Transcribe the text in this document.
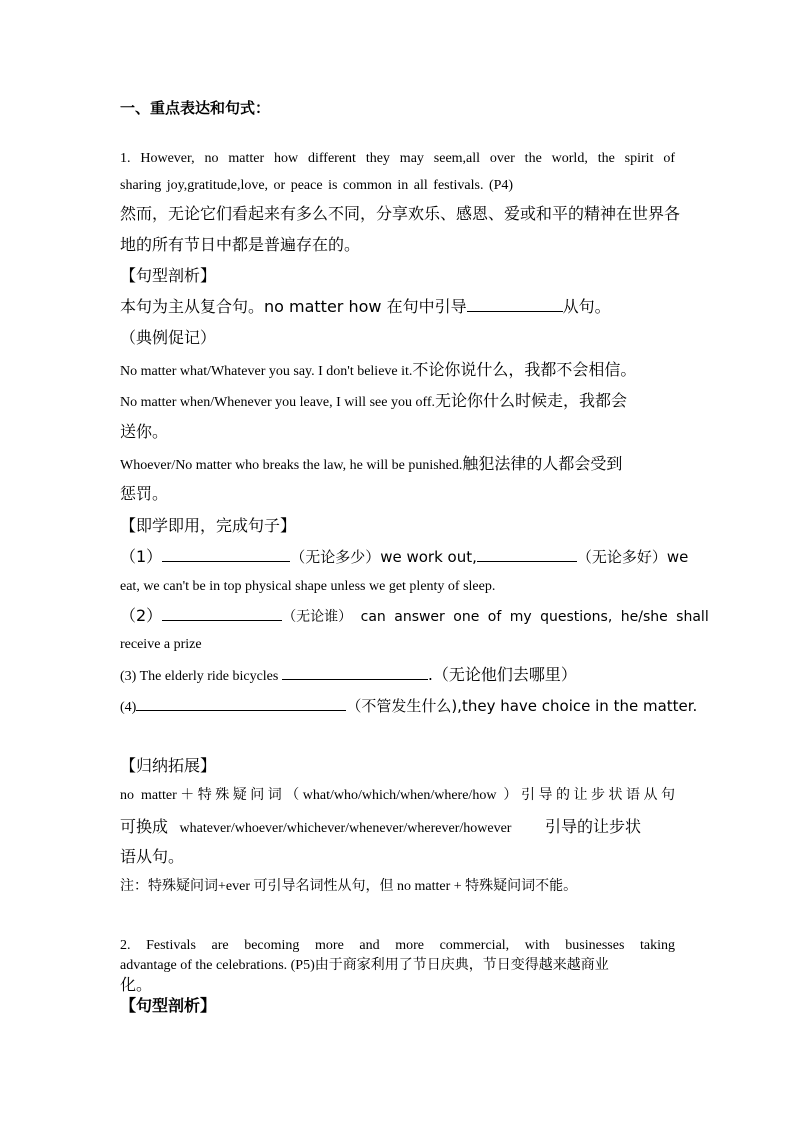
一、重点表达和句式：
1. However, no matter how different they may seem,all over the world, the spirit of
sharing joy,gratitude,love, or peace is common in all festivals. (P4)
然而，无论它们看起来有多么不同，分享欢乐、感恩、爱或和平的精神在世界各
地的所有节日中都是普遍存在的。
【句型剖析】
本句为主从复合句。no matter how 在句中引导	从句。
（典例促记）
No matter what/Whatever you say. I don't believe it.不论你说什么，我都不会相信。
No matter when/Whenever you leave, I will see you off.无论你什么时候走，我都会
送你。
Whoever/No matter who breaks the law, he will be punished.触犯法律的人都会受到
惩罚。
【即学即用，完成句子】
（1）	（无论多少）we work out,	（无论多好）we
eat, we can't be in top physical shape unless we get plenty of sleep.
（2）	（无论谁） can answer one of my questions, he/she shall
receive a prize
(3) The elderly ride bicycles	.（无论他们去哪里）
(4)	（不管发生什么),they have choice in the matter.
【归纳拓展】
no matter＋特殊疑问词（what/who/which/when/where/how ）引导的让步状语从句
可换成 whatever/whoever/whichever/whenever/wherever/however 引导的让步状
语从句。
注：特殊疑问词+ever 可引导名词性从句，但 no matter + 特殊疑问词不能。
2. Festivals are becoming more and more commercial, with businesses taking
advantage of the celebrations. (P5)由于商家利用了节日庆典，节日变得越来越商业
化。
【句型剖析】
